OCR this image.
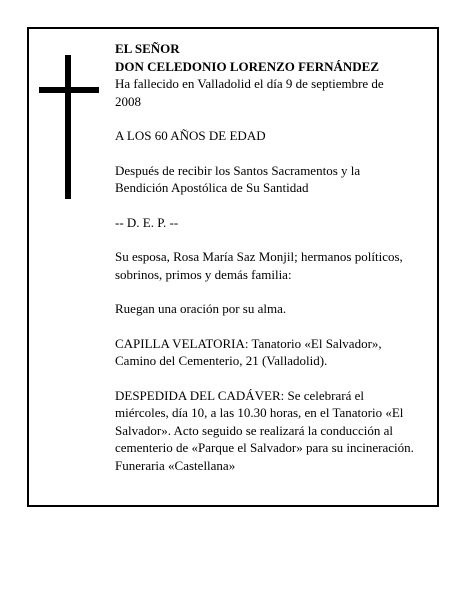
EL SEÑOR

DON CELEDONIO LORENZO FERNÁNDEZ

Ha fallecido en Valladolid el día 9 de septiembre de

2008

A LOS 60 AÑOS DE EDAD

Después de recibir los Santos Sacramentos y la

Bendición Apostólica de Su Santidad

-- D. E. P. --

Su esposa, Rosa María Saz Monjil; hermanos políticos,

sobrinos, primos y demás familia:

Ruegan una oración por su alma.

CAPILLA VELATORIA: Tanatorio «El Salvador»,

Camino del Cementerio, 21 (Valladolid).

DESPEDIDA DEL CADÁVER: Se celebrará el

miércoles, día 10, a las 10.30 horas, en el Tanatorio «El

Salvador». Acto seguido se realizará la conducción al

cementerio de «Parque el Salvador» para su incineración.

Funeraria «Castellana»
